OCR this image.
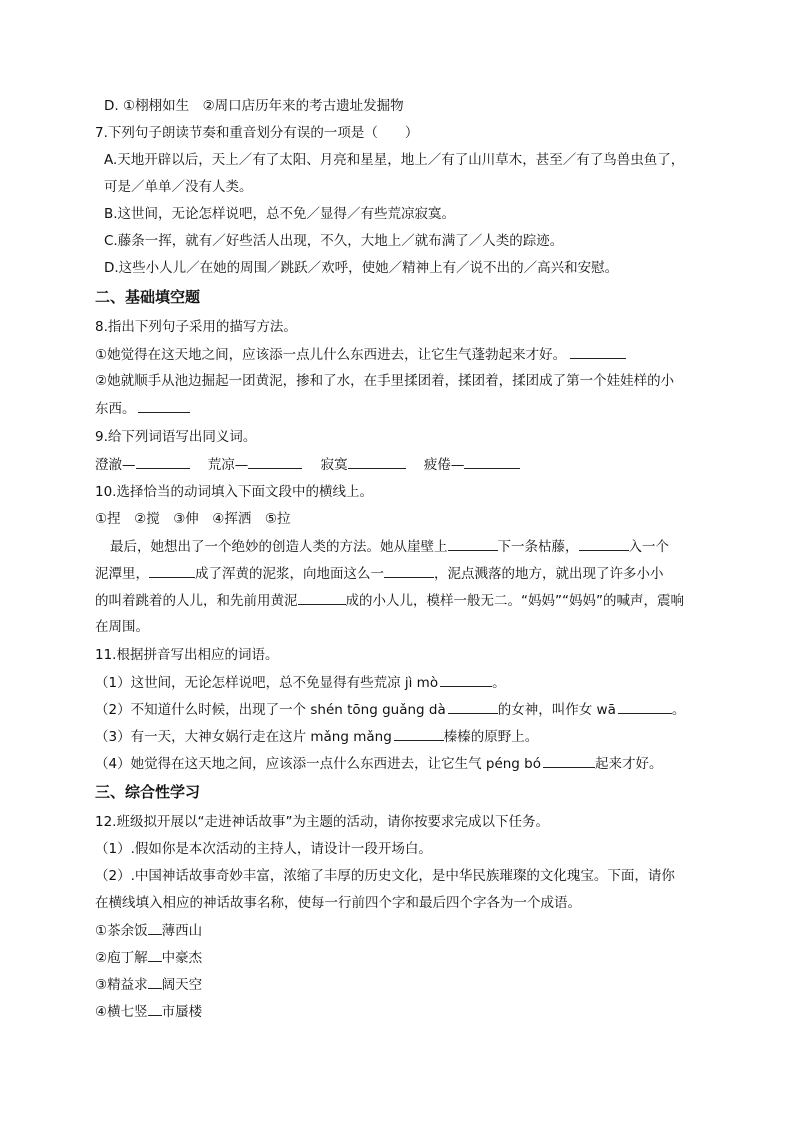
D. ①栩栩如生　②周口店历年来的考古遗址发掘物
7.下列句子朗读节奏和重音划分有误的一项是（　　）
A.天地开辟以后，天上／有了太阳、月亮和星星，地上／有了山川草木，甚至／有了鸟兽虫鱼了，
可是／单单／没有人类。
B.这世间，无论怎样说吧，总不免／显得／有些荒凉寂寞。
C.藤条一挥，就有／好些活人出现，不久，大地上／就布满了／人类的踪迹。
D.这些小人儿／在她的周围／跳跃／欢呼，使她／精神上有／说不出的／高兴和安慰。
二、基础填空题
8.指出下列句子采用的描写方法。
①她觉得在这天地之间，应该添一点儿什么东西进去，让它生气蓬勃起来才好。
②她就顺手从池边掘起一团黄泥，掺和了水，在手里揉团着，揉团着，揉团成了第一个娃娃样的小
东西。
9.给下列词语写出同义词。
澄澈—	荒凉—	寂寞	疲倦—
10.选择恰当的动词填入下面文段中的横线上。
①捏　②搅　③伸　④挥洒　⑤拉
最后，她想出了一个绝妙的创造人类的方法。她从崖壁上	下一条枯藤，	入一个
泥潭里，	成了浑黄的泥浆，向地面这么一	，泥点溅落的地方，就出现了许多小小
的叫着跳着的人儿，和先前用黄泥	成的小人儿，模样一般无二。“妈妈”“妈妈”的喊声，震响
在周围。
11.根据拼音写出相应的词语。
（1）这世间，无论怎样说吧，总不免显得有些荒凉 jì mò	。
（2）不知道什么时候，出现了一个 shén tōng guǎng dà	的女神，叫作女 wā	。
（3）有一天，大神女娲行走在这片 mǎng mǎng	榛榛的原野上。
（4）她觉得在这天地之间，应该添一点什么东西进去，让它生气 péng bó	起来才好。
三、综合性学习
12.班级拟开展以“走进神话故事”为主题的活动，请你按要求完成以下任务。
（1）.假如你是本次活动的主持人，请设计一段开场白。
（2）.中国神话故事奇妙丰富，浓缩了丰厚的历史文化，是中华民族璀璨的文化瑰宝。下面，请你
在横线填入相应的神话故事名称，使每一行前四个字和最后四个字各为一个成语。
①茶余饭 薄西山
②庖丁解 中豪杰
③精益求 阔天空
④横七竖 市蜃楼
